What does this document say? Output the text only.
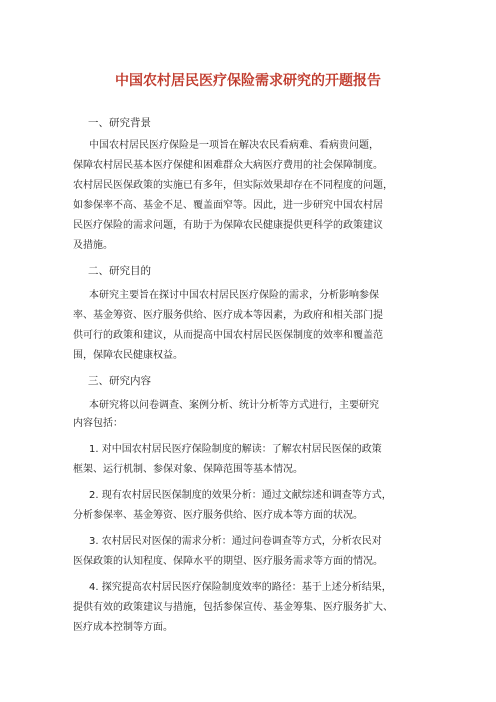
中国农村居民医疗保险需求研究的开题报告
一、研究背景
中国农村居民医疗保险是一项旨在解决农民看病难、看病贵问题，
保障农村居民基本医疗保健和困难群众大病医疗费用的社会保障制度。
农村居民医保政策的实施已有多年，但实际效果却存在不同程度的问题，
如参保率不高、基金不足、覆盖面窄等。因此，进一步研究中国农村居
民医疗保险的需求问题，有助于为保障农民健康提供更科学的政策建议
及措施。
二、研究目的
本研究主要旨在探讨中国农村居民医疗保险的需求，分析影响参保
率、基金筹资、医疗服务供给、医疗成本等因素，为政府和相关部门提
供可行的政策和建议，从而提高中国农村居民医保制度的效率和覆盖范
围，保障农民健康权益。
三、研究内容
本研究将以问卷调查、案例分析、统计分析等方式进行，主要研究
内容包括：
1. 对中国农村居民医疗保险制度的解读：了解农村居民医保的政策
框架、运行机制、参保对象、保障范围等基本情况。
2. 现有农村居民医保制度的效果分析：通过文献综述和调查等方式，
分析参保率、基金筹资、医疗服务供给、医疗成本等方面的状况。
3. 农村居民对医保的需求分析：通过问卷调查等方式，分析农民对
医保政策的认知程度、保障水平的期望、医疗服务需求等方面的情况。
4. 探究提高农村居民医疗保险制度效率的路径：基于上述分析结果，
提供有效的政策建议与措施，包括参保宣传、基金筹集、医疗服务扩大、
医疗成本控制等方面。
